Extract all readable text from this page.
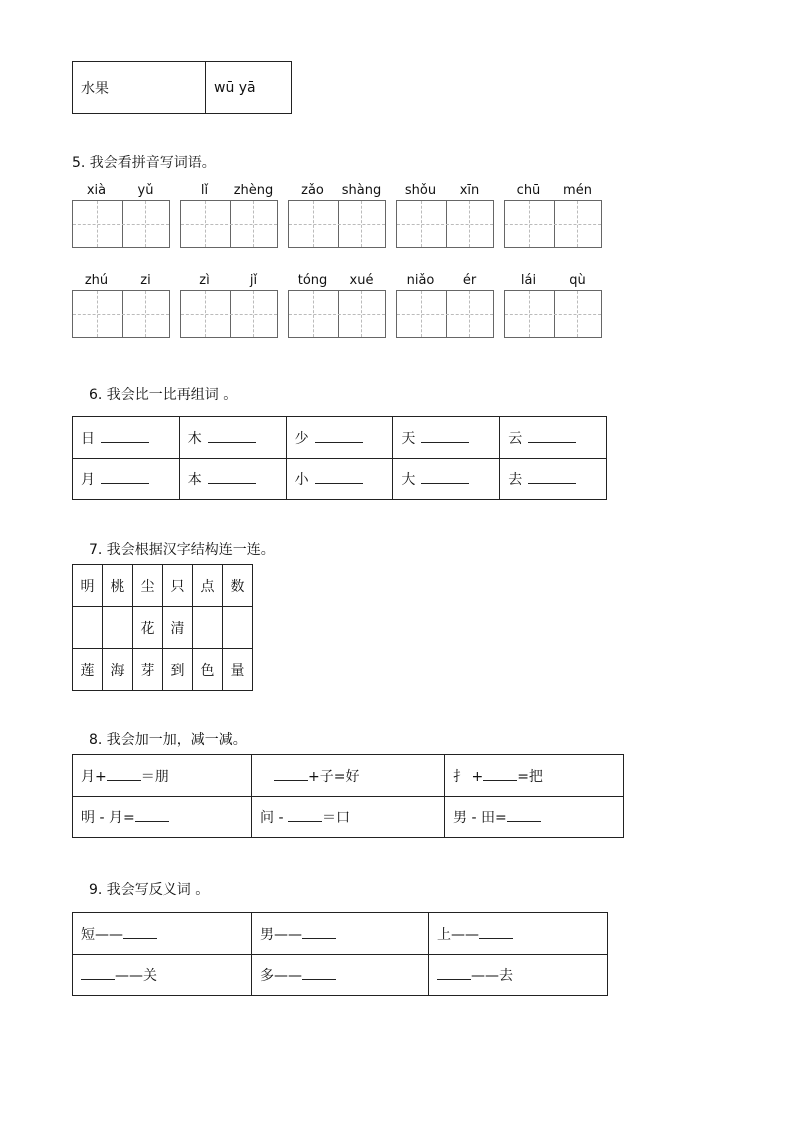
水果	wū yā
5. 我会看拼音写词语。
xià	yǔ	lǐ	zhèng	zǎo	shàng	shǒu	xīn	chū	mén
zhú	zi	zì	jǐ	tóng	xué	niǎo	ér	lái	qù
6. 我会比一比再组词 。
日	木	少	天	云
月	本	小	大	去
7. 我会根据汉字结构连一连。
明	桃	尘	只	点	数
		花	清		
莲	海	芽	到	色	量
8. 我会加一加，减一减。
月+ ＝朋	+子=好	扌 + =把
明 - 月=	问 - ＝口	男 - 田=
9. 我会写反义词 。
短——	男——	上——
——关	多——	——去
